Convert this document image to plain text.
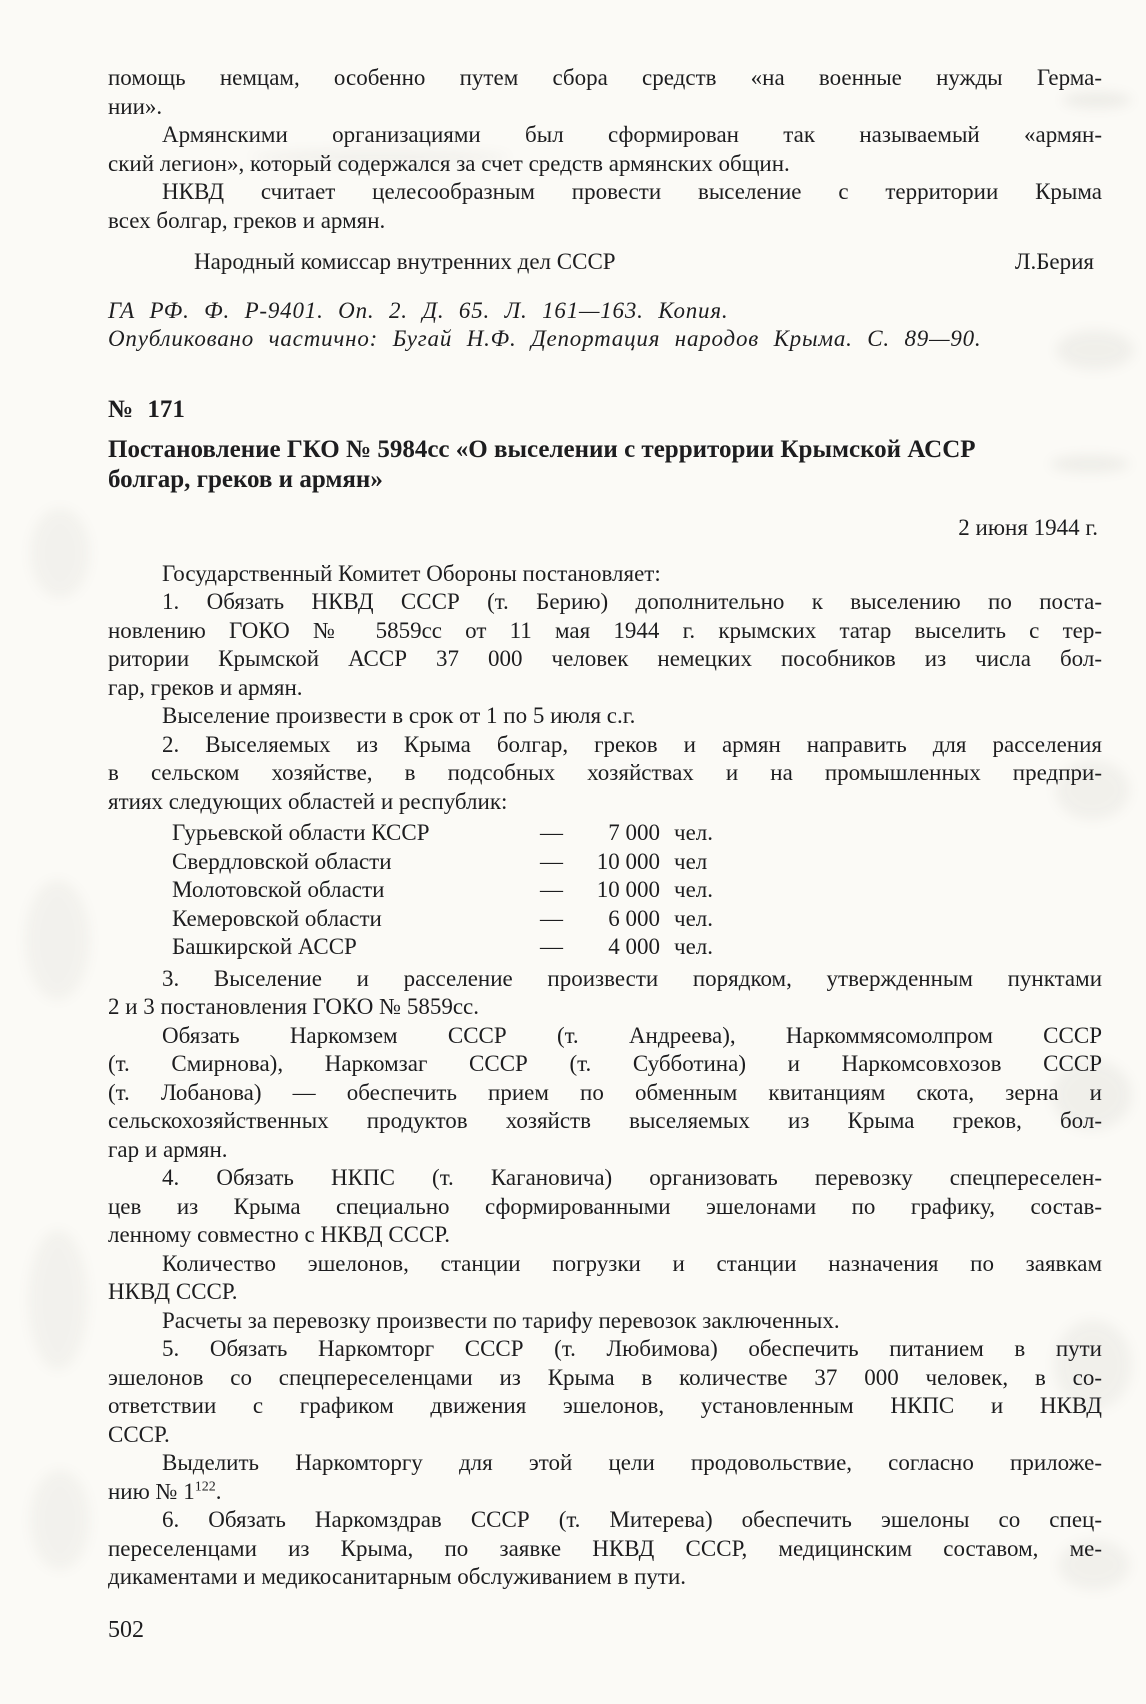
помощь немцам, особенно путем сбора средств «на военные нужды Герма-
нии».
Армянскими организациями был сформирован так называемый «армян-
ский легион», который содержался за счет средств армянских общин.
НКВД считает целесообразным провести выселение с территории Крыма
всех болгар, греков и армян.
Народный комиссар внутренних дел СССР	Л.Берия
ГА РФ. Ф. Р-9401. Оп. 2. Д. 65. Л. 161—163. Копия.
Опубликовано частично: Бугай Н.Ф. Депортация народов Крыма. С. 89—90.
№ 171
Постановление ГКО № 5984сс «О выселении с территории Крымской АССР
болгар, греков и армян»
2 июня 1944 г.
Государственный Комитет Обороны постановляет:
1. Обязать НКВД СССР (т. Берию) дополнительно к выселению по поста-
новлению ГОКО № 5859сс от 11 мая 1944 г. крымских татар выселить с тер-
ритории Крымской АССР 37 000 человек немецких пособников из числа бол-
гар, греков и армян.
Выселение произвести в срок от 1 по 5 июля с.г.
2. Выселяемых из Крыма болгар, греков и армян направить для расселения
в сельском хозяйстве, в подсобных хозяйствах и на промышленных предпри-
ятиях следующих областей и республик:
Гурьевской области КССР	—	7 000 чел.
Свердловской области	—	10 000 чел
Молотовской области	—	10 000 чел.
Кемеровской области	—	6 000 чел.
Башкирской АССР	—	4 000 чел.
3. Выселение и расселение произвести порядком, утвержденным пунктами
2 и 3 постановления ГОКО № 5859сс.
Обязать Наркомзем СССР (т. Андреева), Наркоммясомолпром СССР
(т. Смирнова), Наркомзаг СССР (т. Субботина) и Наркомсовхозов СССР
(т. Лобанова) — обеспечить прием по обменным квитанциям скота, зерна и
сельскохозяйственных продуктов хозяйств выселяемых из Крыма греков, бол-
гар и армян.
4. Обязать НКПС (т. Кагановича) организовать перевозку спецпереселен-
цев из Крыма специально сформированными эшелонами по графику, состав-
ленному совместно с НКВД СССР.
Количество эшелонов, станции погрузки и станции назначения по заявкам
НКВД СССР.
Расчеты за перевозку произвести по тарифу перевозок заключенных.
5. Обязать Наркомторг СССР (т. Любимова) обеспечить питанием в пути
эшелонов со спецпереселенцами из Крыма в количестве 37 000 человек, в со-
ответствии с графиком движения эшелонов, установленным НКПС и НКВД
СССР.
Выделить Наркомторгу для этой цели продовольствие, согласно приложе-
нию № 1$^{122}$.
6. Обязать Наркомздрав СССР (т. Митерева) обеспечить эшелоны со спец-
переселенцами из Крыма, по заявке НКВД СССР, медицинским составом, ме-
дикаментами и медикосанитарным обслуживанием в пути.
502
